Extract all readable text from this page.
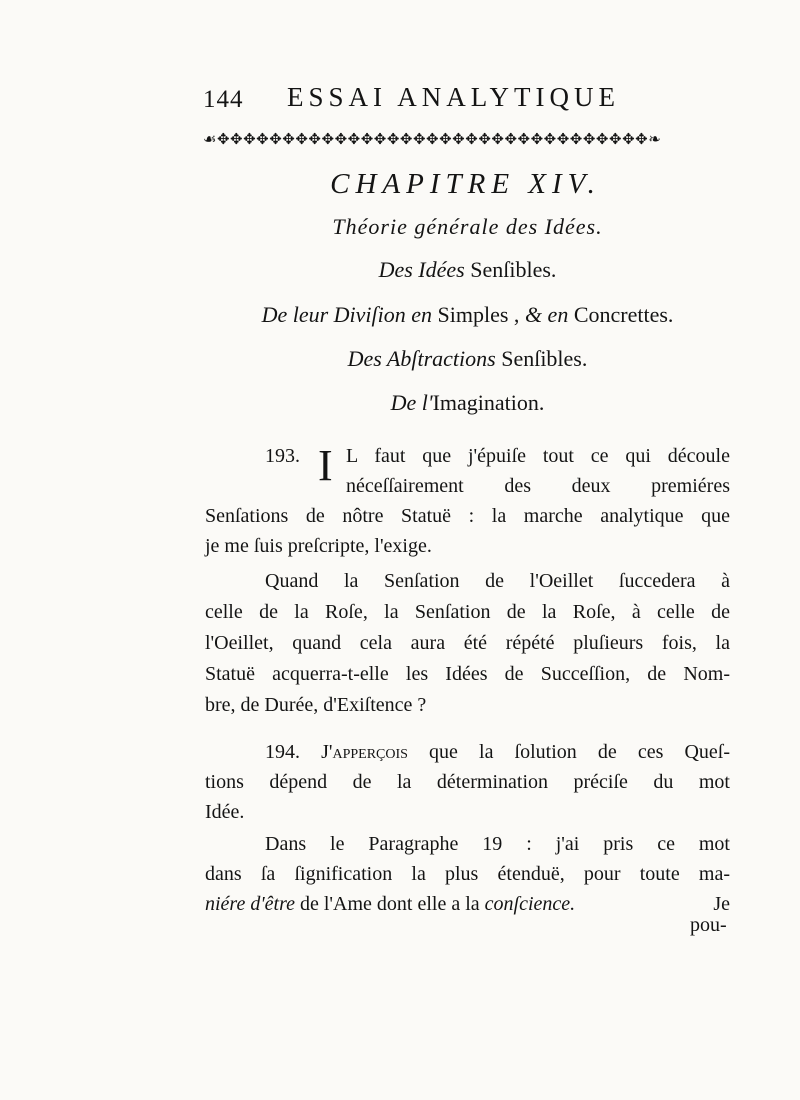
144 ESSAI ANALYTIQUE
☙✥✥✥✥✥✥✥✥✥✥✥✥✥✥✥✥✥✥✥✥✥✥✥✥✥✥✥✥✥✥✥✥✥❧
CHAPITRE XIV.
Théorie générale des Idées.
Des Idées Senſibles.
De leur Diviſion en Simples , & en Concrettes.
Des Abſtractions Senſibles.
De l'Imagination.
193. I L faut que j'épuiſe tout ce qui découle
néceſſairement des deux premiéres
Senſations de nôtre Statuë : la marche analytique que
je me ſuis preſcripte, l'exige.
Quand la Senſation de l'Oeillet ſuccedera à
celle de la Roſe, la Senſation de la Roſe, à celle de
l'Oeillet, quand cela aura été répété pluſieurs fois, la
Statuë acquerra-t-elle les Idées de Succeſſion, de Nom-
bre, de Durée, d'Exiſtence ?
194. J'apperçois que la ſolution de ces Queſ-
tions dépend de la détermination préciſe du mot
Idée.
Dans le Paragraphe 19 : j'ai pris ce mot
dans ſa ſignification la plus étenduë, pour toute ma-
niére d'être de l'Ame dont elle a la conſcience.	Je
pou-
